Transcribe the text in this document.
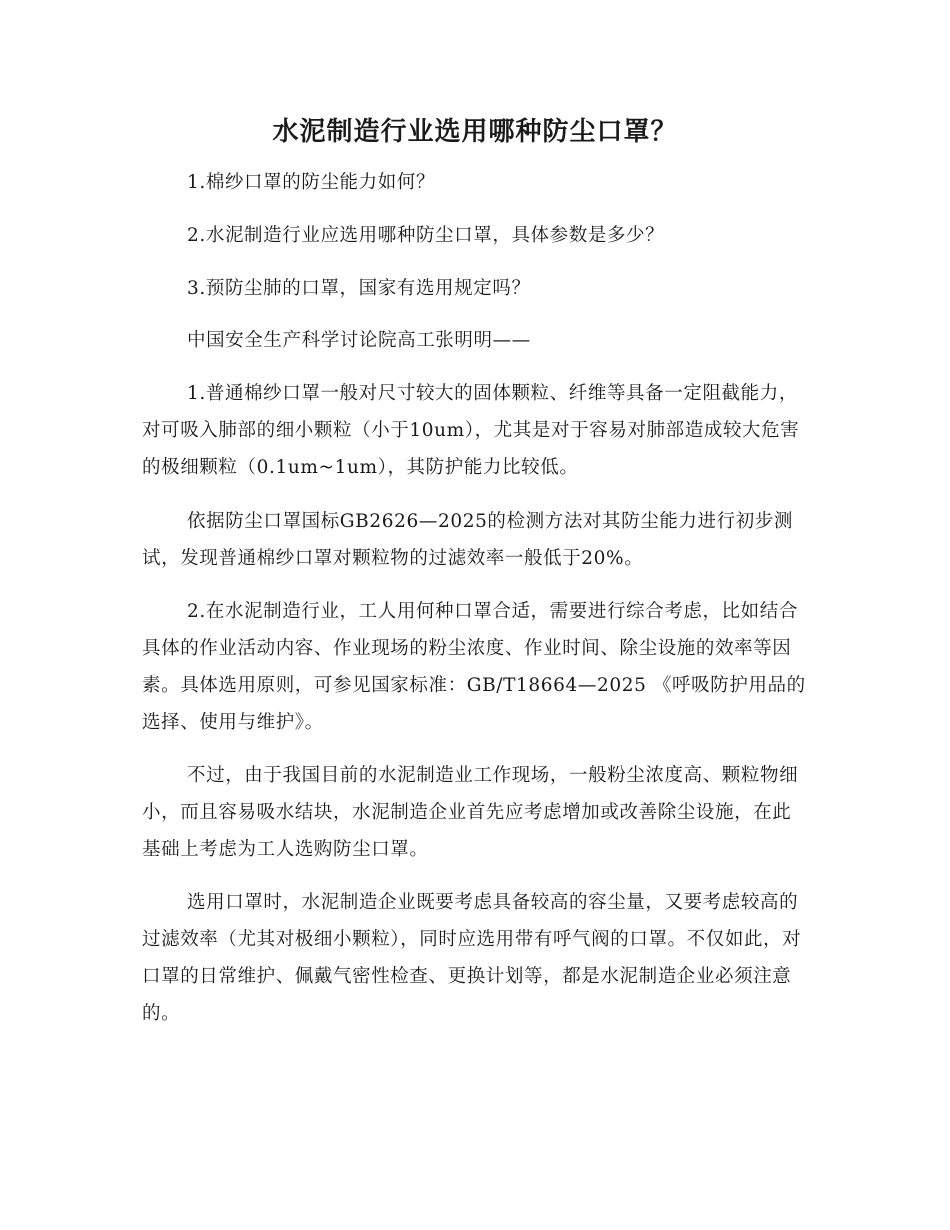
水泥制造行业选用哪种防尘口罩？

1.棉纱口罩的防尘能力如何？

2.水泥制造行业应选用哪种防尘口罩，具体参数是多少？

3.预防尘肺的口罩，国家有选用规定吗？

中国安全生产科学讨论院高工张明明——

1.普通棉纱口罩一般对尺寸较大的固体颗粒、纤维等具备一定阻截能力，对可吸入肺部的细小颗粒（小于10um），尤其是对于容易对肺部造成较大危害的极细颗粒（0.1um~1um），其防护能力比较低。

依据防尘口罩国标GB2626—2025的检测方法对其防尘能力进行初步测试，发现普通棉纱口罩对颗粒物的过滤效率一般低于20%。

2.在水泥制造行业，工人用何种口罩合适，需要进行综合考虑，比如结合具体的作业活动内容、作业现场的粉尘浓度、作业时间、除尘设施的效率等因素。具体选用原则，可参见国家标准：GB/T18664—2025 《呼吸防护用品的选择、使用与维护》。

不过，由于我国目前的水泥制造业工作现场，一般粉尘浓度高、颗粒物细小，而且容易吸水结块，水泥制造企业首先应考虑增加或改善除尘设施，在此基础上考虑为工人选购防尘口罩。

选用口罩时，水泥制造企业既要考虑具备较高的容尘量，又要考虑较高的过滤效率（尤其对极细小颗粒），同时应选用带有呼气阀的口罩。不仅如此，对口罩的日常维护、佩戴气密性检查、更换计划等，都是水泥制造企业必须注意的。
